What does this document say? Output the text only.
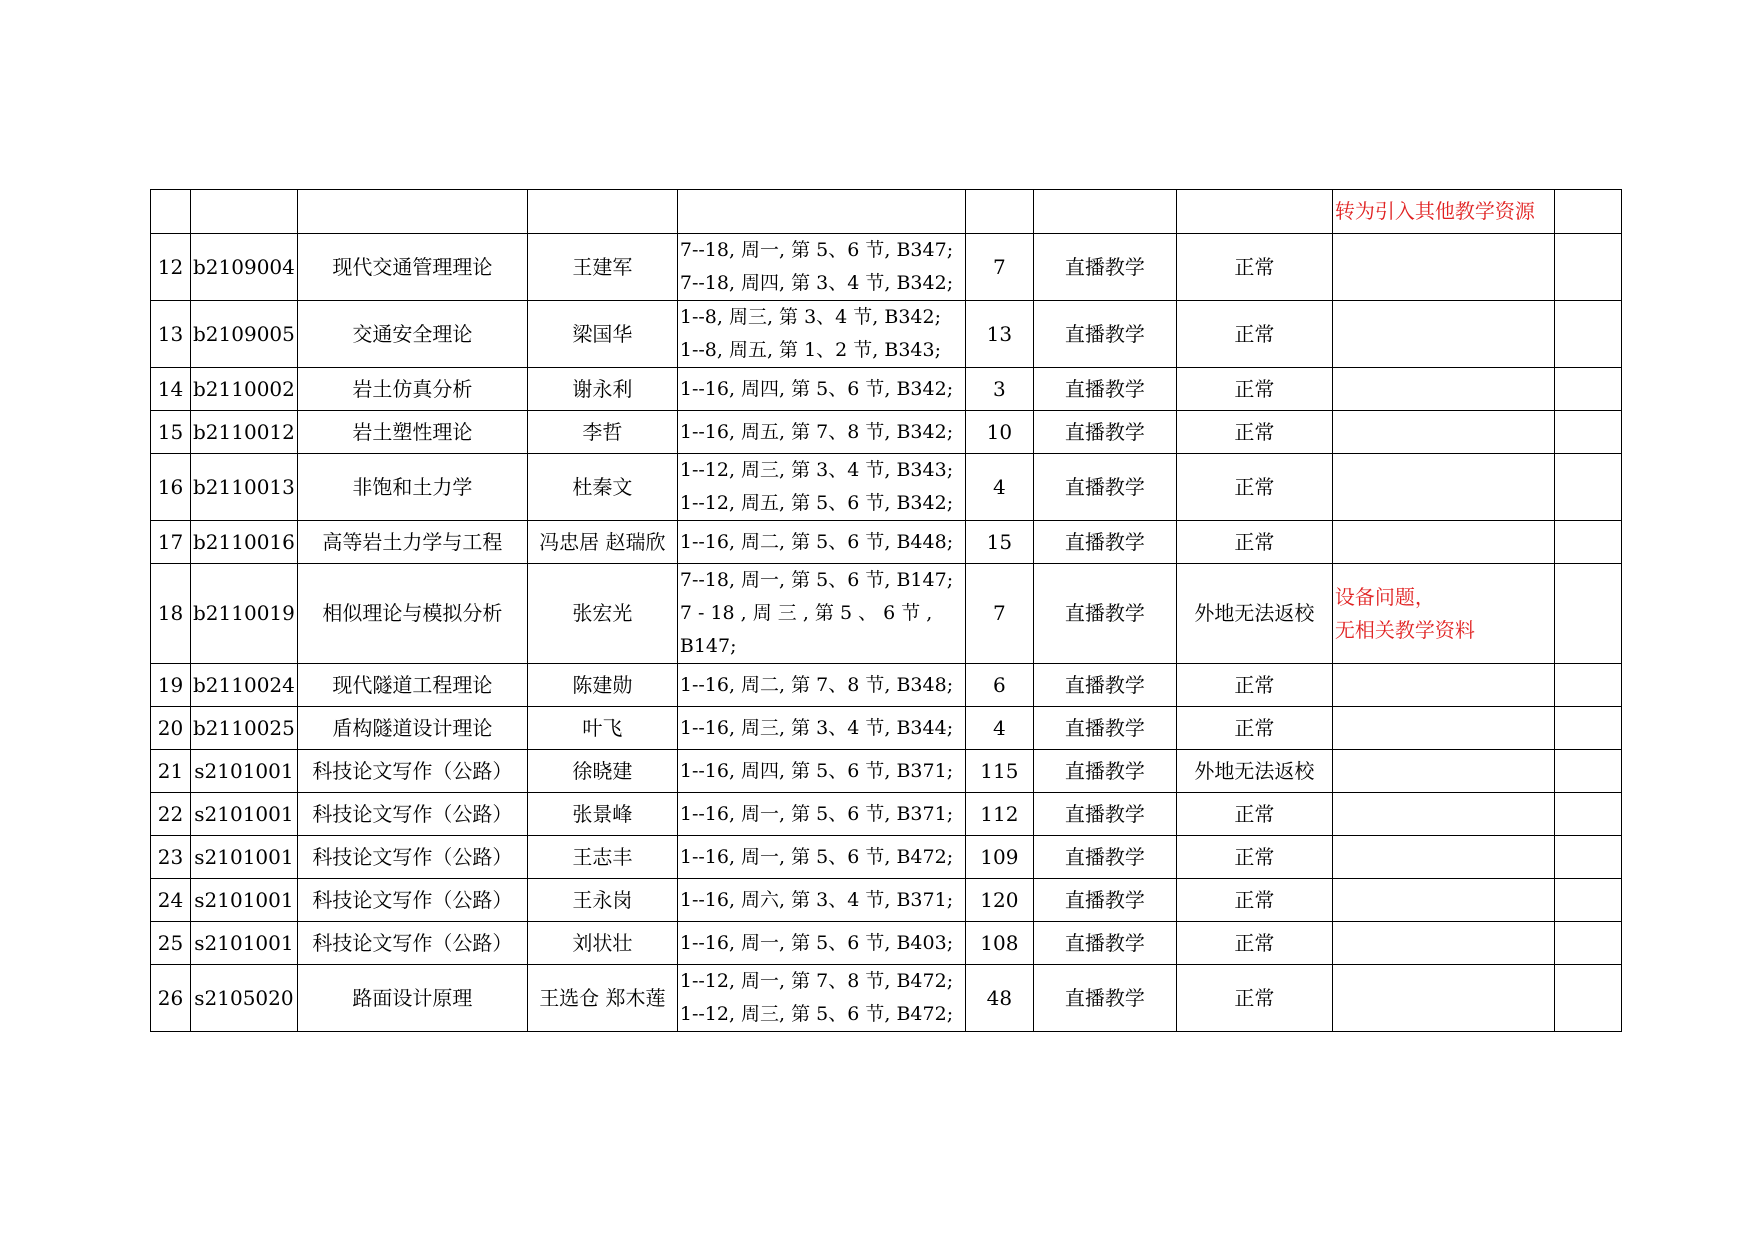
								转为引入其他教学资源	
12	b2109004	现代交通管理理论	王建军	7--18, 周一, 第 5、6 节, B347;
7--18, 周四, 第 3、4 节, B342;	7	直播教学	正常		
13	b2109005	交通安全理论	梁国华	1--8, 周三, 第 3、4 节, B342;
1--8, 周五, 第 1、2 节, B343;	13	直播教学	正常		
14	b2110002	岩土仿真分析	谢永利	1--16, 周四, 第 5、6 节, B342;	3	直播教学	正常		
15	b2110012	岩土塑性理论	李哲	1--16, 周五, 第 7、8 节, B342;	10	直播教学	正常		
16	b2110013	非饱和土力学	杜秦文	1--12, 周三, 第 3、4 节, B343;
1--12, 周五, 第 5、6 节, B342;	4	直播教学	正常		
17	b2110016	高等岩土力学与工程	冯忠居 赵瑞欣	1--16, 周二, 第 5、6 节, B448;	15	直播教学	正常		
18	b2110019	相似理论与模拟分析	张宏光	7--18, 周一, 第 5、6 节, B147;
7 - 18 , 周 三 , 第 5 、 6 节 ,
B147;	7	直播教学	外地无法返校	设备问题，
无相关教学资料	
19	b2110024	现代隧道工程理论	陈建勋	1--16, 周二, 第 7、8 节, B348;	6	直播教学	正常		
20	b2110025	盾构隧道设计理论	叶飞	1--16, 周三, 第 3、4 节, B344;	4	直播教学	正常		
21	s2101001	科技论文写作（公路）	徐晓建	1--16, 周四, 第 5、6 节, B371;	115	直播教学	外地无法返校		
22	s2101001	科技论文写作（公路）	张景峰	1--16, 周一, 第 5、6 节, B371;	112	直播教学	正常		
23	s2101001	科技论文写作（公路）	王志丰	1--16, 周一, 第 5、6 节, B472;	109	直播教学	正常		
24	s2101001	科技论文写作（公路）	王永岗	1--16, 周六, 第 3、4 节, B371;	120	直播教学	正常		
25	s2101001	科技论文写作（公路）	刘状壮	1--16, 周一, 第 5、6 节, B403;	108	直播教学	正常		
26	s2105020	路面设计原理	王选仓 郑木莲	1--12, 周一, 第 7、8 节, B472;
1--12, 周三, 第 5、6 节, B472;	48	直播教学	正常		
